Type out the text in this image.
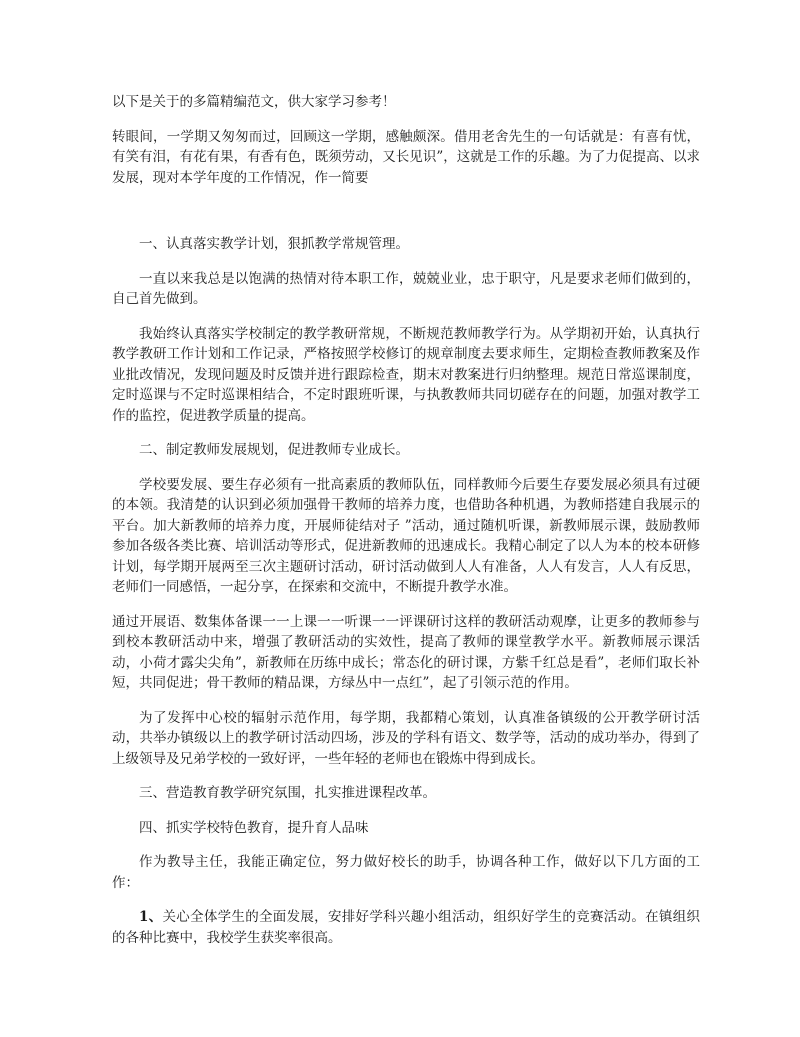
以下是关于的多篇精编范文，供大家学习参考！

转眼间，一学期又匆匆而过，回顾这一学期，感触颇深。借用老舍先生的一句话就是：有喜有忧，有笑有泪，有花有果，有香有色，既须劳动，又长见识”，这就是工作的乐趣。为了力促提高、以求发展，现对本学年度的工作情况，作一简要

一、认真落实教学计划，狠抓教学常规管理。

一直以来我总是以饱满的热情对待本职工作，兢兢业业，忠于职守，凡是要求老师们做到的，自己首先做到。

我始终认真落实学校制定的教学教研常规，不断规范教师教学行为。从学期初开始，认真执行教学教研工作计划和工作记录，严格按照学校修订的规章制度去要求师生，定期检查教师教案及作业批改情况，发现问题及时反馈并进行跟踪检查，期末对教案进行归纳整理。规范日常巡课制度，定时巡课与不定时巡课相结合，不定时跟班听课，与执教教师共同切磋存在的问题，加强对教学工作的监控，促进教学质量的提高。

二、制定教师发展规划，促进教师专业成长。

学校要发展、要生存必须有一批高素质的教师队伍，同样教师今后要生存要发展必须具有过硬的本领。我清楚的认识到必须加强骨干教师的培养力度，也借助各种机遇，为教师搭建自我展示的平台。加大新教师的培养力度，开展师徒结对子 ”活动，通过随机听课，新教师展示课，鼓励教师参加各级各类比赛、培训活动等形式，促进新教师的迅速成长。我精心制定了以人为本的校本研修计划，每学期开展两至三次主题研讨活动，研讨活动做到人人有准备，人人有发言，人人有反思，老师们一同感悟，一起分享，在探索和交流中，不断提升教学水准。

通过开展语、数集体备课一一上课一一听课一一评课研讨这样的教研活动观摩，让更多的教师参与到校本教研活动中来，增强了教研活动的实效性，提高了教师的课堂教学水平。新教师展示课活动，小荷才露尖尖角”，新教师在历练中成长；常态化的研讨课，方紫千红总是看”，老师们取长补短，共同促进；骨干教师的精品课，方绿丛中一点红”，起了引领示范的作用。

为了发挥中心校的辐射示范作用，每学期，我都精心策划，认真准备镇级的公开教学研讨活动，共举办镇级以上的教学研讨活动四场，涉及的学科有语文、数学等，活动的成功举办，得到了上级领导及兄弟学校的一致好评，一些年轻的老师也在锻炼中得到成长。

三、营造教育教学研究氛围，扎实推进课程改革。

四、抓实学校特色教育，提升育人品味

作为教导主任，我能正确定位，努力做好校长的助手，协调各种工作，做好以下几方面的工作：

1、关心全体学生的全面发展，安排好学科兴趣小组活动，组织好学生的竞赛活动。在镇组织的各种比赛中，我校学生获奖率很高。
